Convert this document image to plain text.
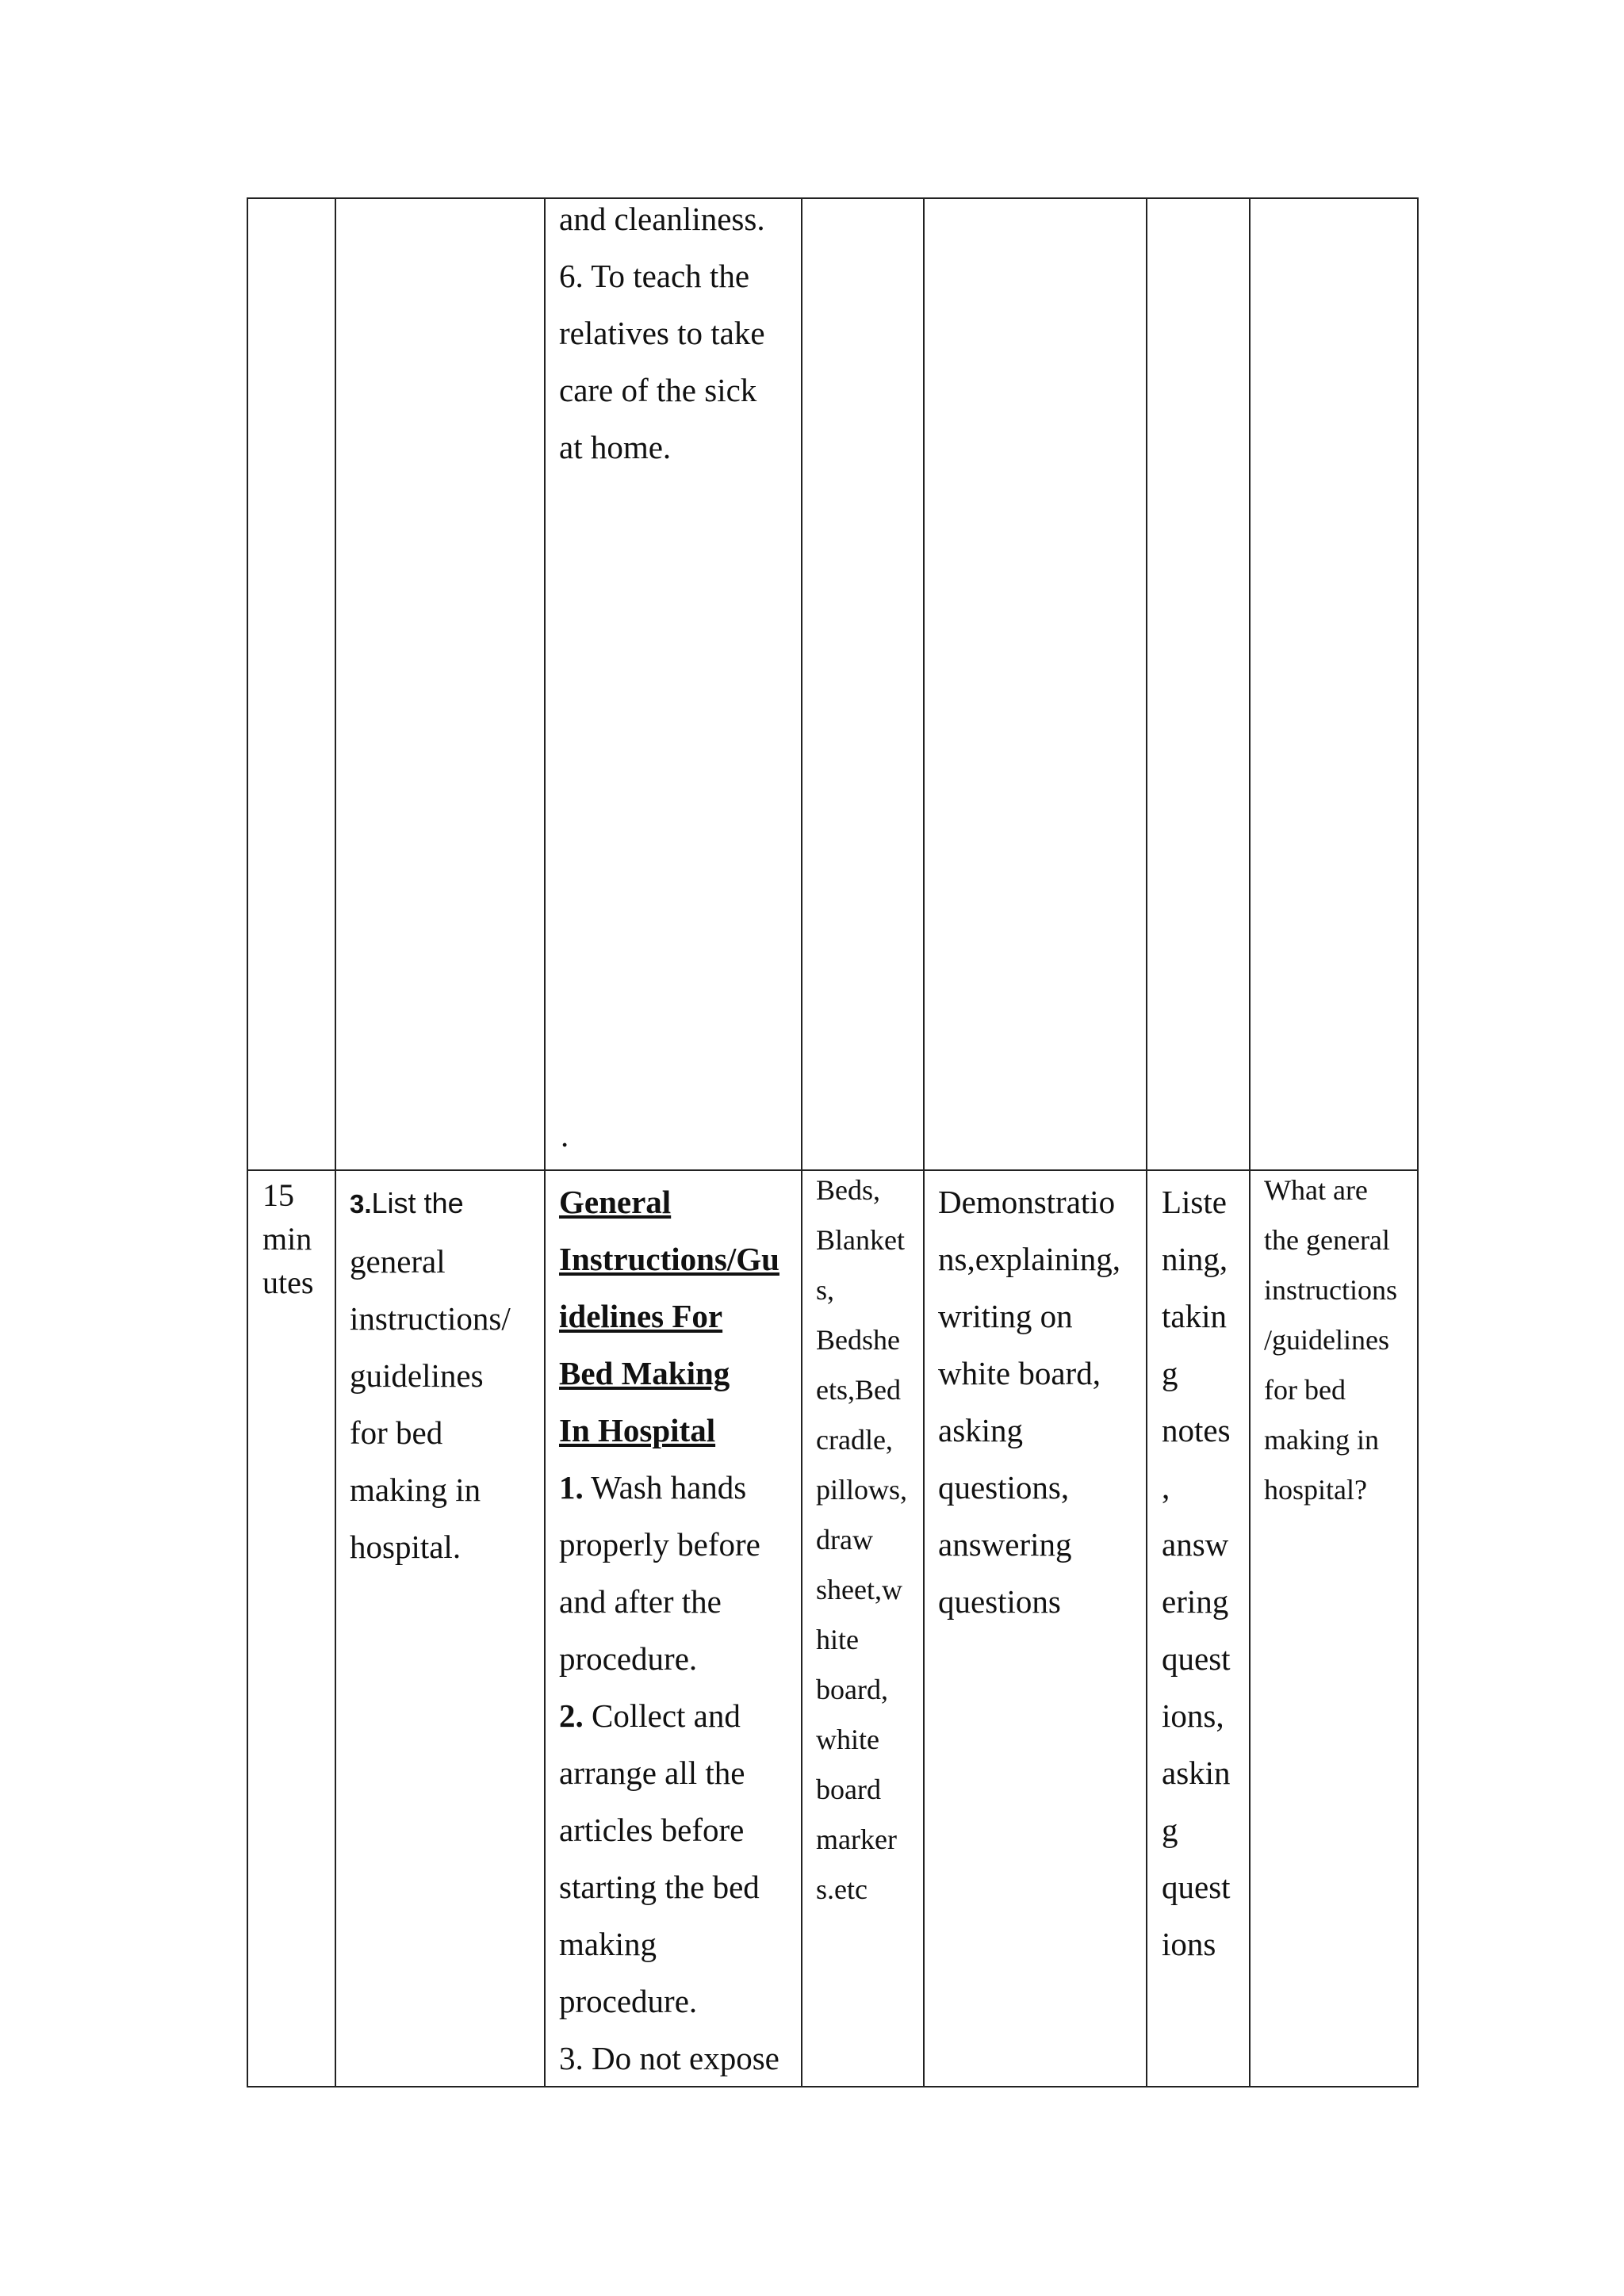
and cleanliness.
6. To teach the
relatives to take
care of the sick
at home.
.
15
min
utes
3.List the
general
instructions/
guidelines
for bed
making in
hospital.
General
Instructions/Gu
idelines For
Bed Making
In Hospital
1. Wash hands
properly before
and after the
procedure.
2. Collect and
arrange all the
articles before
starting the bed
making
procedure.
3. Do not expose
Beds,
Blanket
s,
Bedshe
ets,Bed
cradle,
pillows,
draw
sheet,w
hite
board,
white
board
marker
s.etc
Demonstratio
ns,explaining,
writing on
white board,
asking
questions,
answering
questions
Liste
ning,
takin
g
notes
,
answ
ering
quest
ions,
askin
g
quest
ions
What are
the general
instructions
/guidelines
for bed
making in
hospital?
